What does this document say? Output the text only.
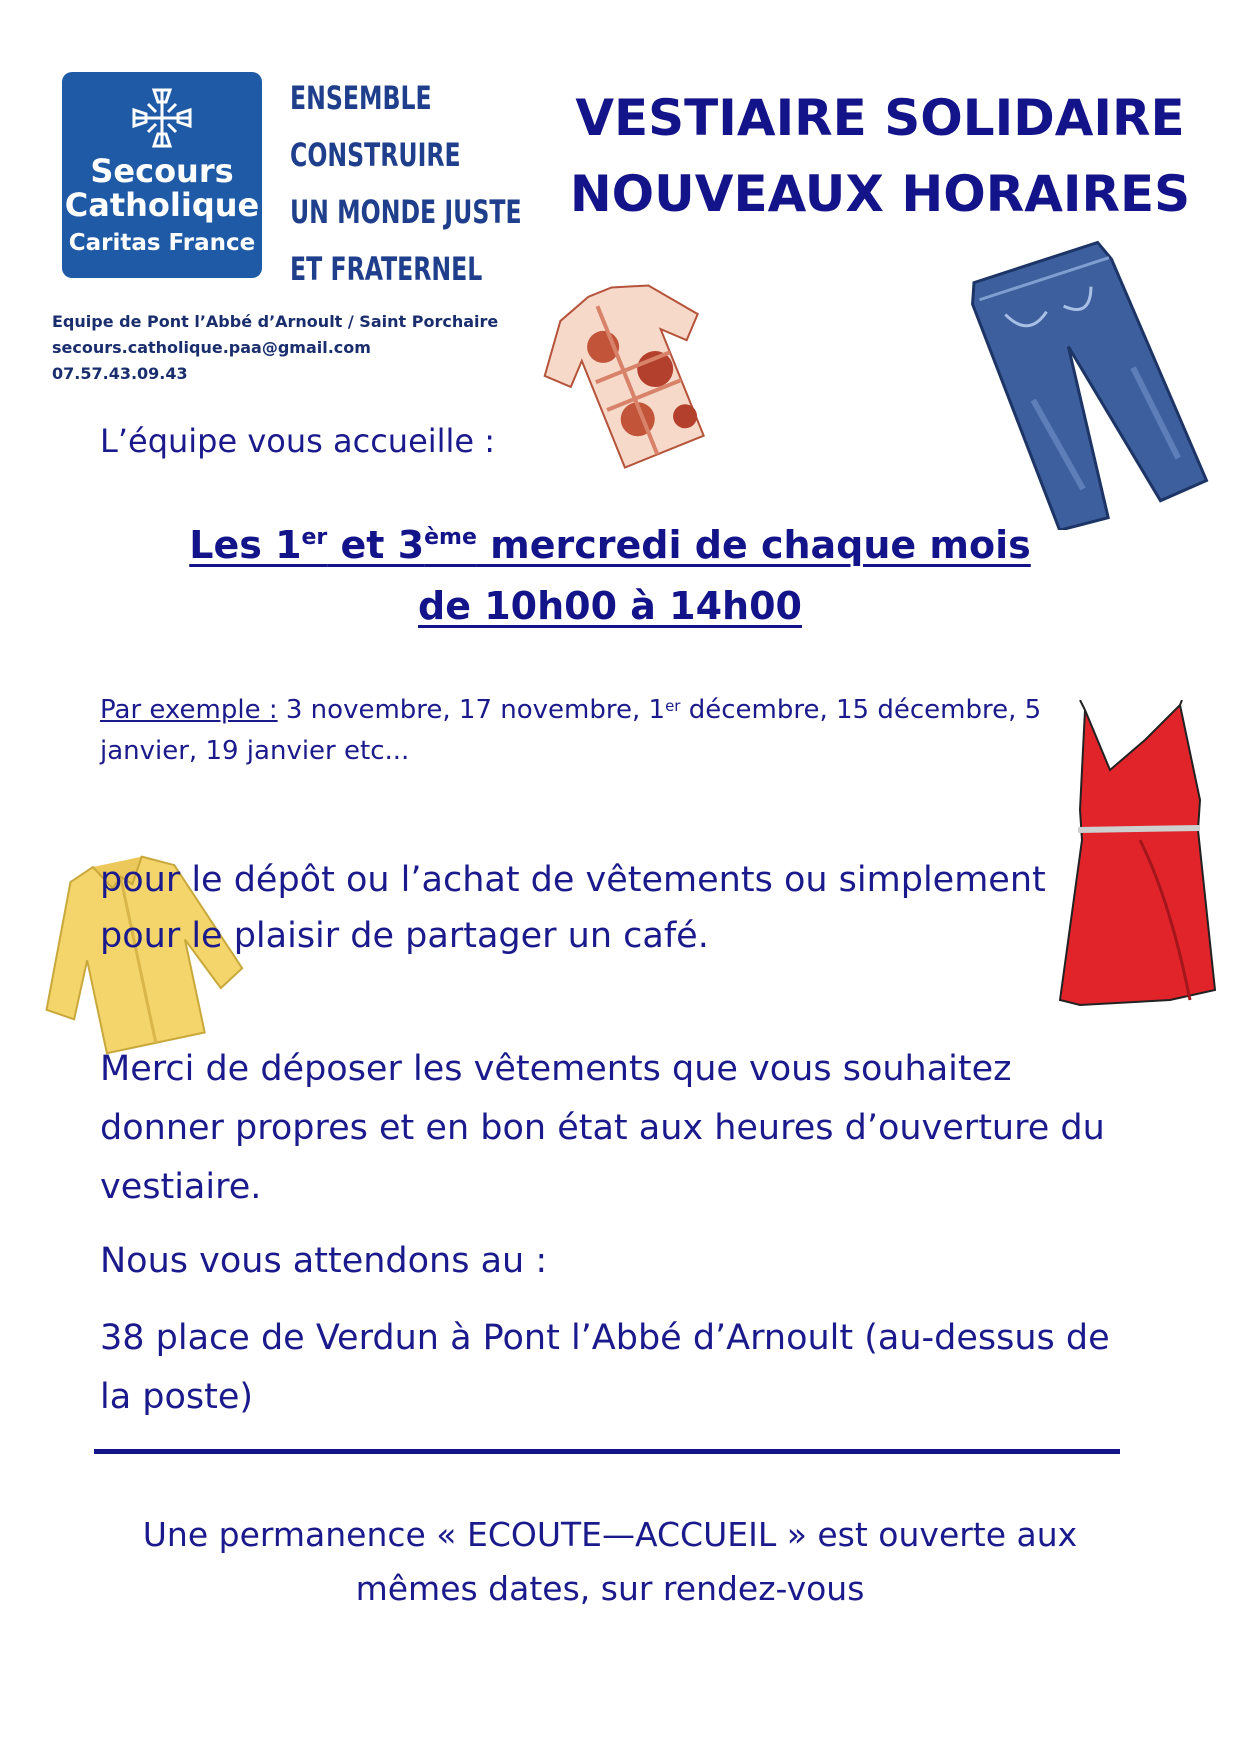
Secours
Catholique
Caritas France
ENSEMBLE
CONSTRUIRE
UN MONDE JUSTE
ET FRATERNEL
VESTIAIRE SOLIDAIRE
NOUVEAUX HORAIRES
Equipe de Pont l’Abbé d’Arnoult / Saint Porchaire
secours.catholique.paa@gmail.com
07.57.43.09.43
L’équipe vous accueille :
Les 1er et 3ème mercredi de chaque mois
de 10h00 à 14h00
Par exemple : 3 novembre, 17 novembre, 1er décembre, 15 décembre, 5 janvier, 19 janvier etc...
pour le dépôt ou l’achat de vêtements ou simplement pour le plaisir de partager un café.
Merci de déposer les vêtements que vous souhaitez donner propres et en bon état aux heures d’ouverture du vestiaire.
Nous vous attendons au :
38 place de Verdun à Pont l’Abbé d’Arnoult (au-dessus de la poste)
Une permanence « ECOUTE—ACCUEIL » est ouverte aux
mêmes dates, sur rendez-vous
